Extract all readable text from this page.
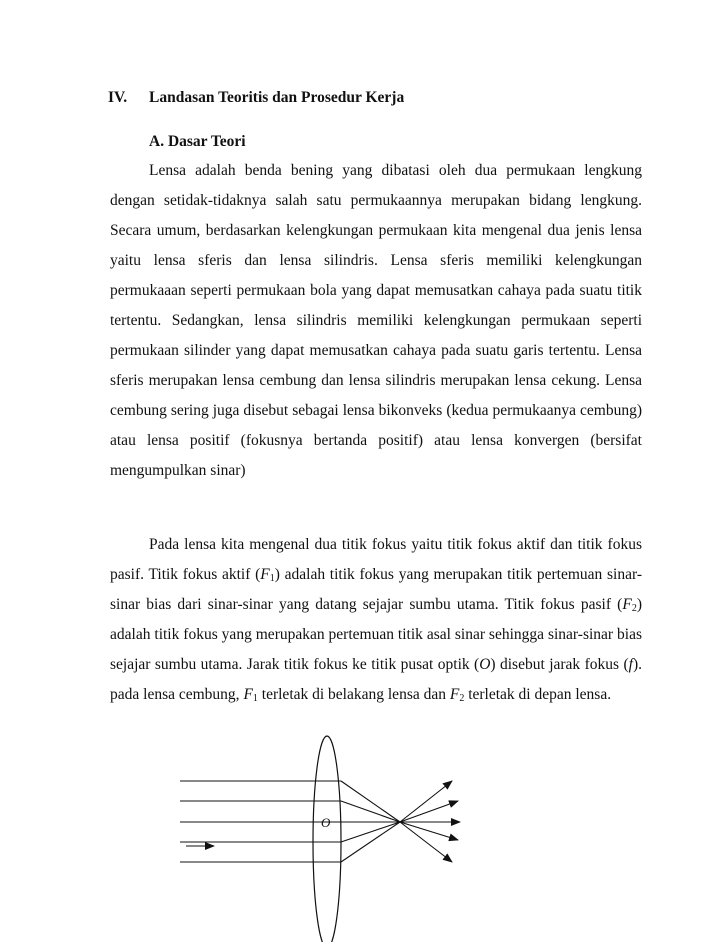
IV. Landasan Teoritis dan Prosedur Kerja
A. Dasar Teori

Lensa adalah benda bening yang dibatasi oleh dua permukaan lengkung dengan setidak-tidaknya salah satu permukaannya merupakan bidang lengkung. Secara umum, berdasarkan kelengkungan permukaan kita mengenal dua jenis lensa yaitu lensa sferis dan lensa silindris. Lensa sferis memiliki kelengkungan permukaaan seperti permukaan bola yang dapat memusatkan cahaya pada suatu titik tertentu. Sedangkan, lensa silindris memiliki kelengkungan permukaan seperti permukaan silinder yang dapat memusatkan cahaya pada suatu garis tertentu. Lensa sferis merupakan lensa cembung dan lensa silindris merupakan lensa cekung. Lensa cembung sering juga disebut sebagai lensa bikonveks (kedua permukaanya cembung) atau lensa positif (fokusnya bertanda positif) atau lensa konvergen (bersifat mengumpulkan sinar)

Pada lensa kita mengenal dua titik fokus yaitu titik fokus aktif dan titik fokus pasif. Titik fokus aktif $(F_1)$ adalah titik fokus yang merupakan titik pertemuan sinar-sinar bias dari sinar-sinar yang datang sejajar sumbu utama. Titik fokus pasif $(F_2)$ adalah titik fokus yang merupakan pertemuan titik asal sinar sehingga sinar-sinar bias sejajar sumbu utama. Jarak titik fokus ke titik pusat optik (O) disebut jarak fokus (f). pada lensa cembung, $F_1$ terletak di belakang lensa dan $F_2$ terletak di depan lensa.

O
